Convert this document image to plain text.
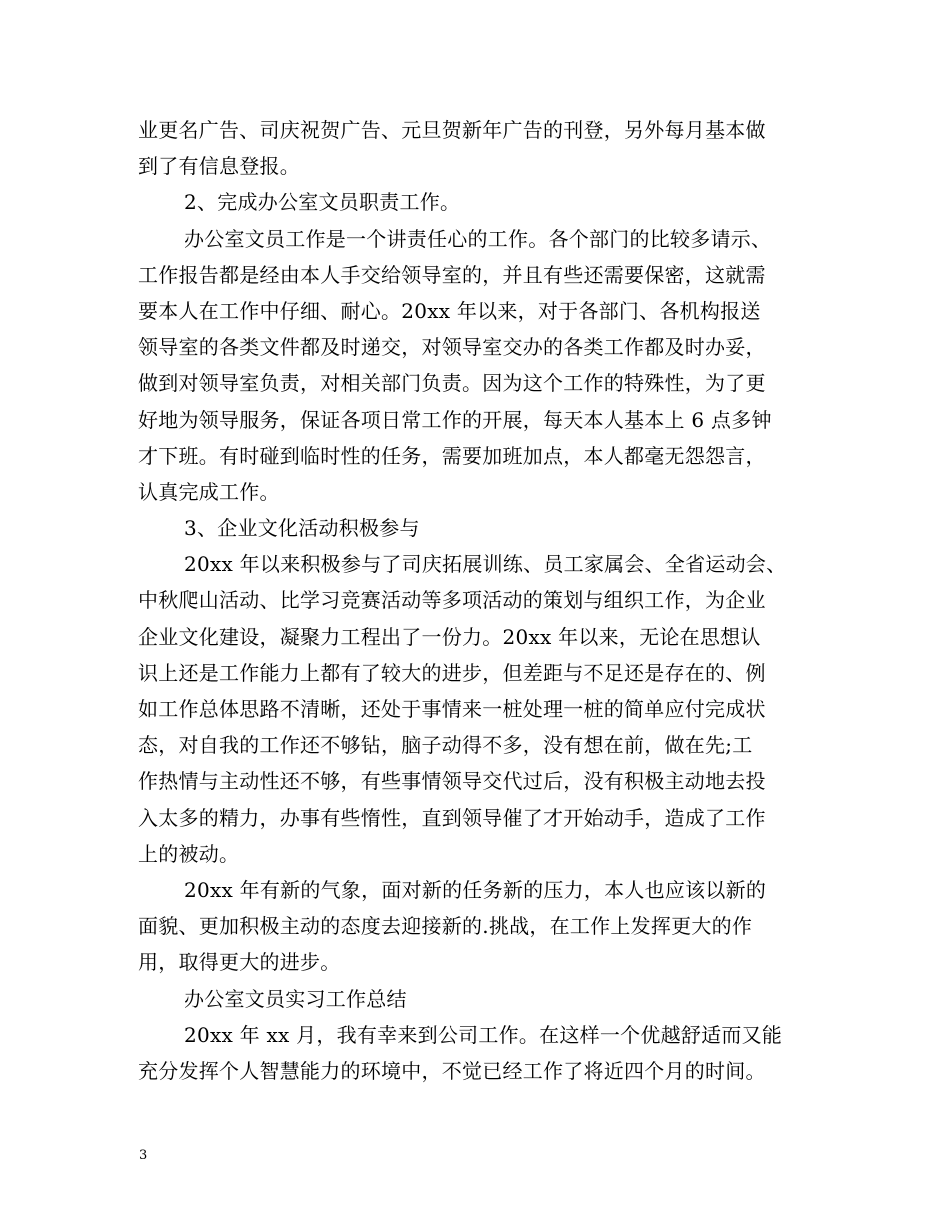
业更名广告、司庆祝贺广告、元旦贺新年广告的刊登，另外每月基本做
到了有信息登报。
2、完成办公室文员职责工作。
办公室文员工作是一个讲责任心的工作。各个部门的比较多请示、
工作报告都是经由本人手交给领导室的，并且有些还需要保密，这就需
要本人在工作中仔细、耐心。20xx 年以来，对于各部门、各机构报送
领导室的各类文件都及时递交，对领导室交办的各类工作都及时办妥，
做到对领导室负责，对相关部门负责。因为这个工作的特殊性，为了更
好地为领导服务，保证各项日常工作的开展，每天本人基本上 6 点多钟
才下班。有时碰到临时性的任务，需要加班加点，本人都毫无怨怨言，
认真完成工作。
3、企业文化活动积极参与
20xx 年以来积极参与了司庆拓展训练、员工家属会、全省运动会、
中秋爬山活动、比学习竞赛活动等多项活动的策划与组织工作，为企业
企业文化建设，凝聚力工程出了一份力。20xx 年以来，无论在思想认
识上还是工作能力上都有了较大的进步，但差距与不足还是存在的、例
如工作总体思路不清晰，还处于事情来一桩处理一桩的简单应付完成状
态，对自我的工作还不够钻，脑子动得不多，没有想在前，做在先;工
作热情与主动性还不够，有些事情领导交代过后，没有积极主动地去投
入太多的精力，办事有些惰性，直到领导催了才开始动手，造成了工作
上的被动。
20xx 年有新的气象，面对新的任务新的压力，本人也应该以新的
面貌、更加积极主动的态度去迎接新的.挑战，在工作上发挥更大的作
用，取得更大的进步。
办公室文员实习工作总结
20xx 年 xx 月，我有幸来到公司工作。在这样一个优越舒适而又能
充分发挥个人智慧能力的环境中，不觉已经工作了将近四个月的时间。
3
